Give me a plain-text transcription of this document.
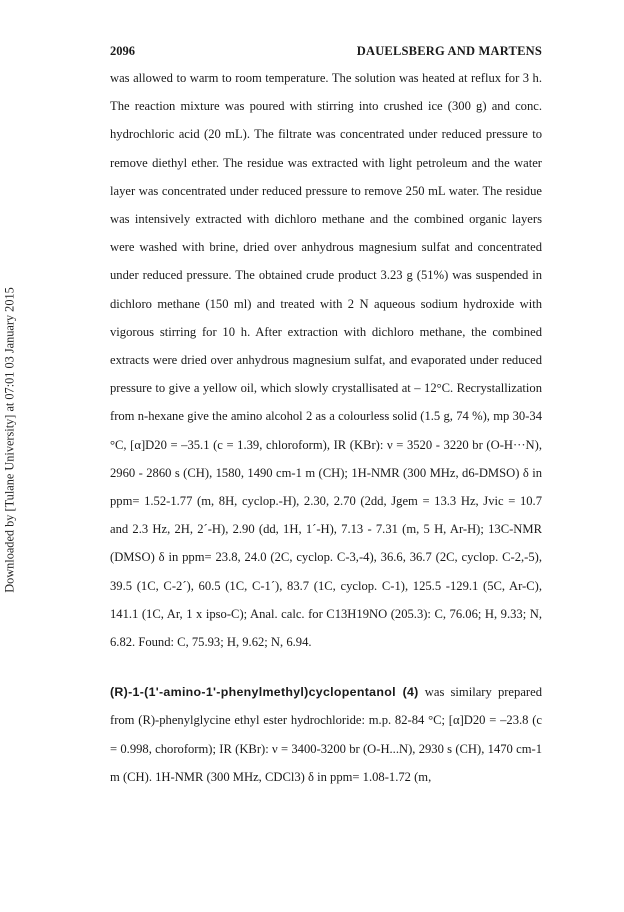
2096	DAUELSBERG AND MARTENS
Downloaded by [Tulane University] at 07:01 03 January 2015

was allowed to warm to room temperature. The solution was heated at reflux for 3 h. The reaction mixture was poured with stirring into crushed ice (300 g) and conc. hydrochloric acid (20 mL). The filtrate was concentrated under reduced pressure to remove diethyl ether. The residue was extracted with light petroleum and the water layer was concentrated under reduced pressure to remove 250 mL water. The residue was intensively extracted with dichloro methane and the combined organic layers were washed with brine, dried over anhydrous magnesium sulfat and concentrated under reduced pressure. The obtained crude product 3.23 g (51%) was suspended in dichloro methane (150 ml) and treated with 2 N aqueous sodium hydroxide with vigorous stirring for 10 h. After extraction with dichloro methane, the combined extracts were dried over anhydrous magnesium sulfat, and evaporated under reduced pressure to give a yellow oil, which slowly crystallisated at – 12°C. Recrystallization from n-hexane give the amino alcohol 2 as a colourless solid (1.5 g, 74 %), mp 30-34 °C, [α]D20 = –35.1 (c = 1.39, chloroform), IR (KBr): ν = 3520 - 3220 br (O-H···N), 2960 - 2860 s (CH), 1580, 1490 cm-1 m (CH); 1H-NMR (300 MHz, d6-DMSO) δ in ppm= 1.52-1.77 (m, 8H, cyclop.-H), 2.30, 2.70 (2dd, Jgem = 13.3 Hz, Jvic = 10.7 and 2.3 Hz, 2H, 2´-H), 2.90 (dd, 1H, 1´-H), 7.13 - 7.31 (m, 5 H, Ar-H); 13C-NMR (DMSO) δ in ppm= 23.8, 24.0 (2C, cyclop. C-3,-4), 36.6, 36.7 (2C, cyclop. C-2,-5), 39.5 (1C, C-2´), 60.5 (1C, C-1´), 83.7 (1C, cyclop. C-1), 125.5 -129.1 (5C, Ar-C), 141.1 (1C, Ar, 1 x ipso-C); Anal. calc. for C13H19NO (205.3): C, 76.06; H, 9.33; N, 6.82. Found: C, 75.93; H, 9.62; N, 6.94.

(R)-1-(1'-amino-1'-phenylmethyl)cyclopentanol (4) was similary prepared from (R)-phenylglycine ethyl ester hydrochloride: m.p. 82-84 °C; [α]D20 = –23.8 (c = 0.998, choroform); IR (KBr): ν = 3400-3200 br (O-H...N), 2930 s (CH), 1470 cm-1 m (CH). 1H-NMR (300 MHz, CDCl3) δ in ppm= 1.08-1.72 (m,
